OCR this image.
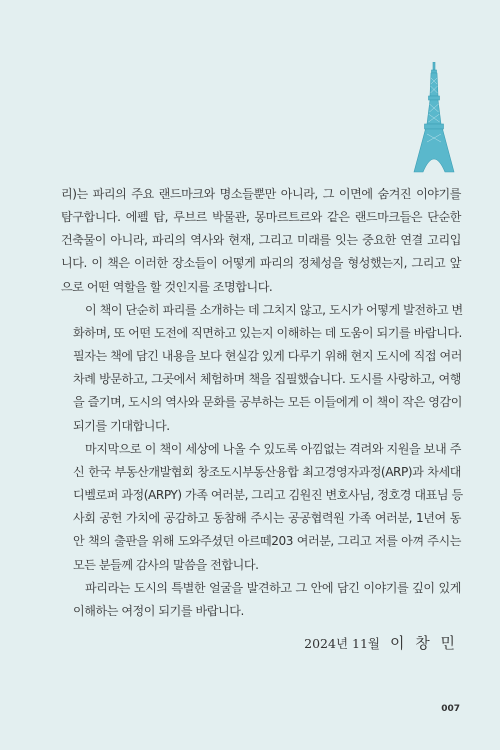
리)는 파리의 주요 랜드마크와 명소들뿐만 아니라, 그 이면에 숨겨진 이야기를
탐구합니다. 에펠 탑, 루브르 박물관, 몽마르트르와 같은 랜드마크들은 단순한
건축물이 아니라, 파리의 역사와 현재, 그리고 미래를 잇는 중요한 연결 고리입
니다. 이 책은 이러한 장소들이 어떻게 파리의 정체성을 형성했는지, 그리고 앞
으로 어떤 역할을 할 것인지를 조명합니다.
이 책이 단순히 파리를 소개하는 데 그치지 않고, 도시가 어떻게 발전하고 변
화하며, 또 어떤 도전에 직면하고 있는지 이해하는 데 도움이 되기를 바랍니다.
필자는 책에 담긴 내용을 보다 현실감 있게 다루기 위해 현지 도시에 직접 여러
차례 방문하고, 그곳에서 체험하며 책을 집필했습니다. 도시를 사랑하고, 여행
을 즐기며, 도시의 역사와 문화를 공부하는 모든 이들에게 이 책이 작은 영감이
되기를 기대합니다.
마지막으로 이 책이 세상에 나올 수 있도록 아낌없는 격려와 지원을 보내 주
신 한국 부동산개발협회 창조도시부동산융합 최고경영자과정(ARP)과 차세대
디벨로퍼 과정(ARPY) 가족 여러분, 그리고 김원진 변호사님, 정호경 대표님 등
사회 공헌 가치에 공감하고 동참해 주시는 공공협력원 가족 여러분, 1년여 동
안 책의 출판을 위해 도와주셨던 아르떼203 여러분, 그리고 저를 아껴 주시는
모든 분들께 감사의 말씀을 전합니다.
파리라는 도시의 특별한 얼굴을 발견하고 그 안에 담긴 이야기를 깊이 있게
이해하는 여정이 되기를 바랍니다.
2024년 11월 이 창 민
007
